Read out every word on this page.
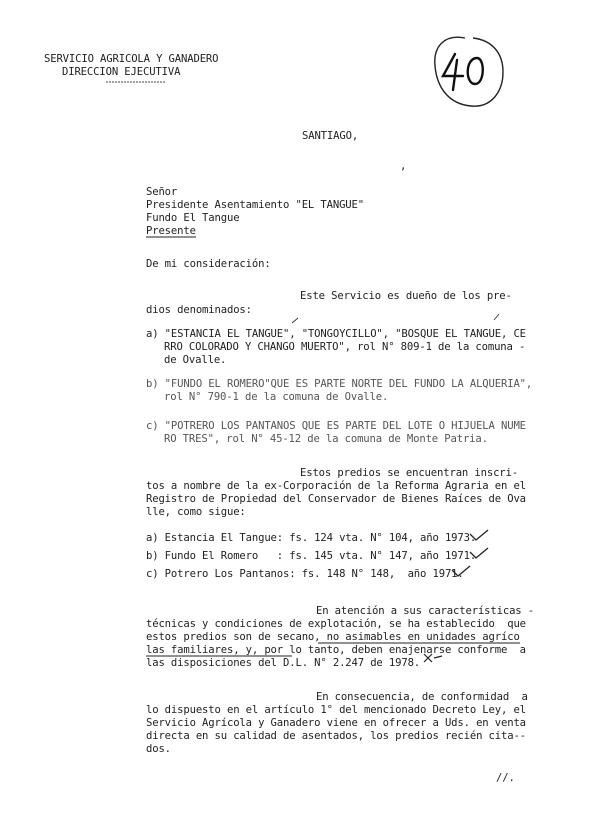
SERVICIO AGRICOLA Y GANADERO
DIRECCION EJECUTIVA
SANTIAGO,
,
Señor
Presidente Asentamiento "EL TANGUE"
Fundo El Tangue
Presente
De mi consideración:
Este Servicio es dueño de los pre-
dios denominados:
a) "ESTANCIA EL TANGUE", "TONGOYCILLO", "BOSQUE EL TANGUE, CE
RRO COLORADO Y CHANGO MUERTO", rol N° 809-1 de la comuna -
de Ovalle.
b) "FUNDO EL ROMERO"QUE ES PARTE NORTE DEL FUNDO LA ALQUERIA",
rol N° 790-1 de la comuna de Ovalle.
c) "POTRERO LOS PANTANOS QUE ES PARTE DEL LOTE O HIJUELA NUME
RO TRES", rol N° 45-12 de la comuna de Monte Patria.
Estos predios se encuentran inscri-
tos a nombre de la ex-Corporación de la Reforma Agraria en el
Registro de Propiedad del Conservador de Bienes Raíces de Ova
lle, como sigue:
a) Estancia El Tangue: fs. 124 vta. N° 104, año 1973.
b) Fundo El Romero   : fs. 145 vta. N° 147, año 1971.
c) Potrero Los Pantanos: fs. 148 N° 148,  año 1971.
En atención a sus características -
técnicas y condiciones de explotación, se ha establecido  que
estos predios son de secano, no asimables en unidades agríco
las familiares, y, por lo tanto, deben enajenarse conforme  a
las disposiciones del D.L. N° 2.247 de 1978.
En consecuencia, de conformidad  a
lo dispuesto en el artículo 1° del mencionado Decreto Ley, el
Servicio Agrícola y Ganadero viene en ofrecer a Uds. en venta
directa en su calidad de asentados, los predios recién cita--
dos.
//.
